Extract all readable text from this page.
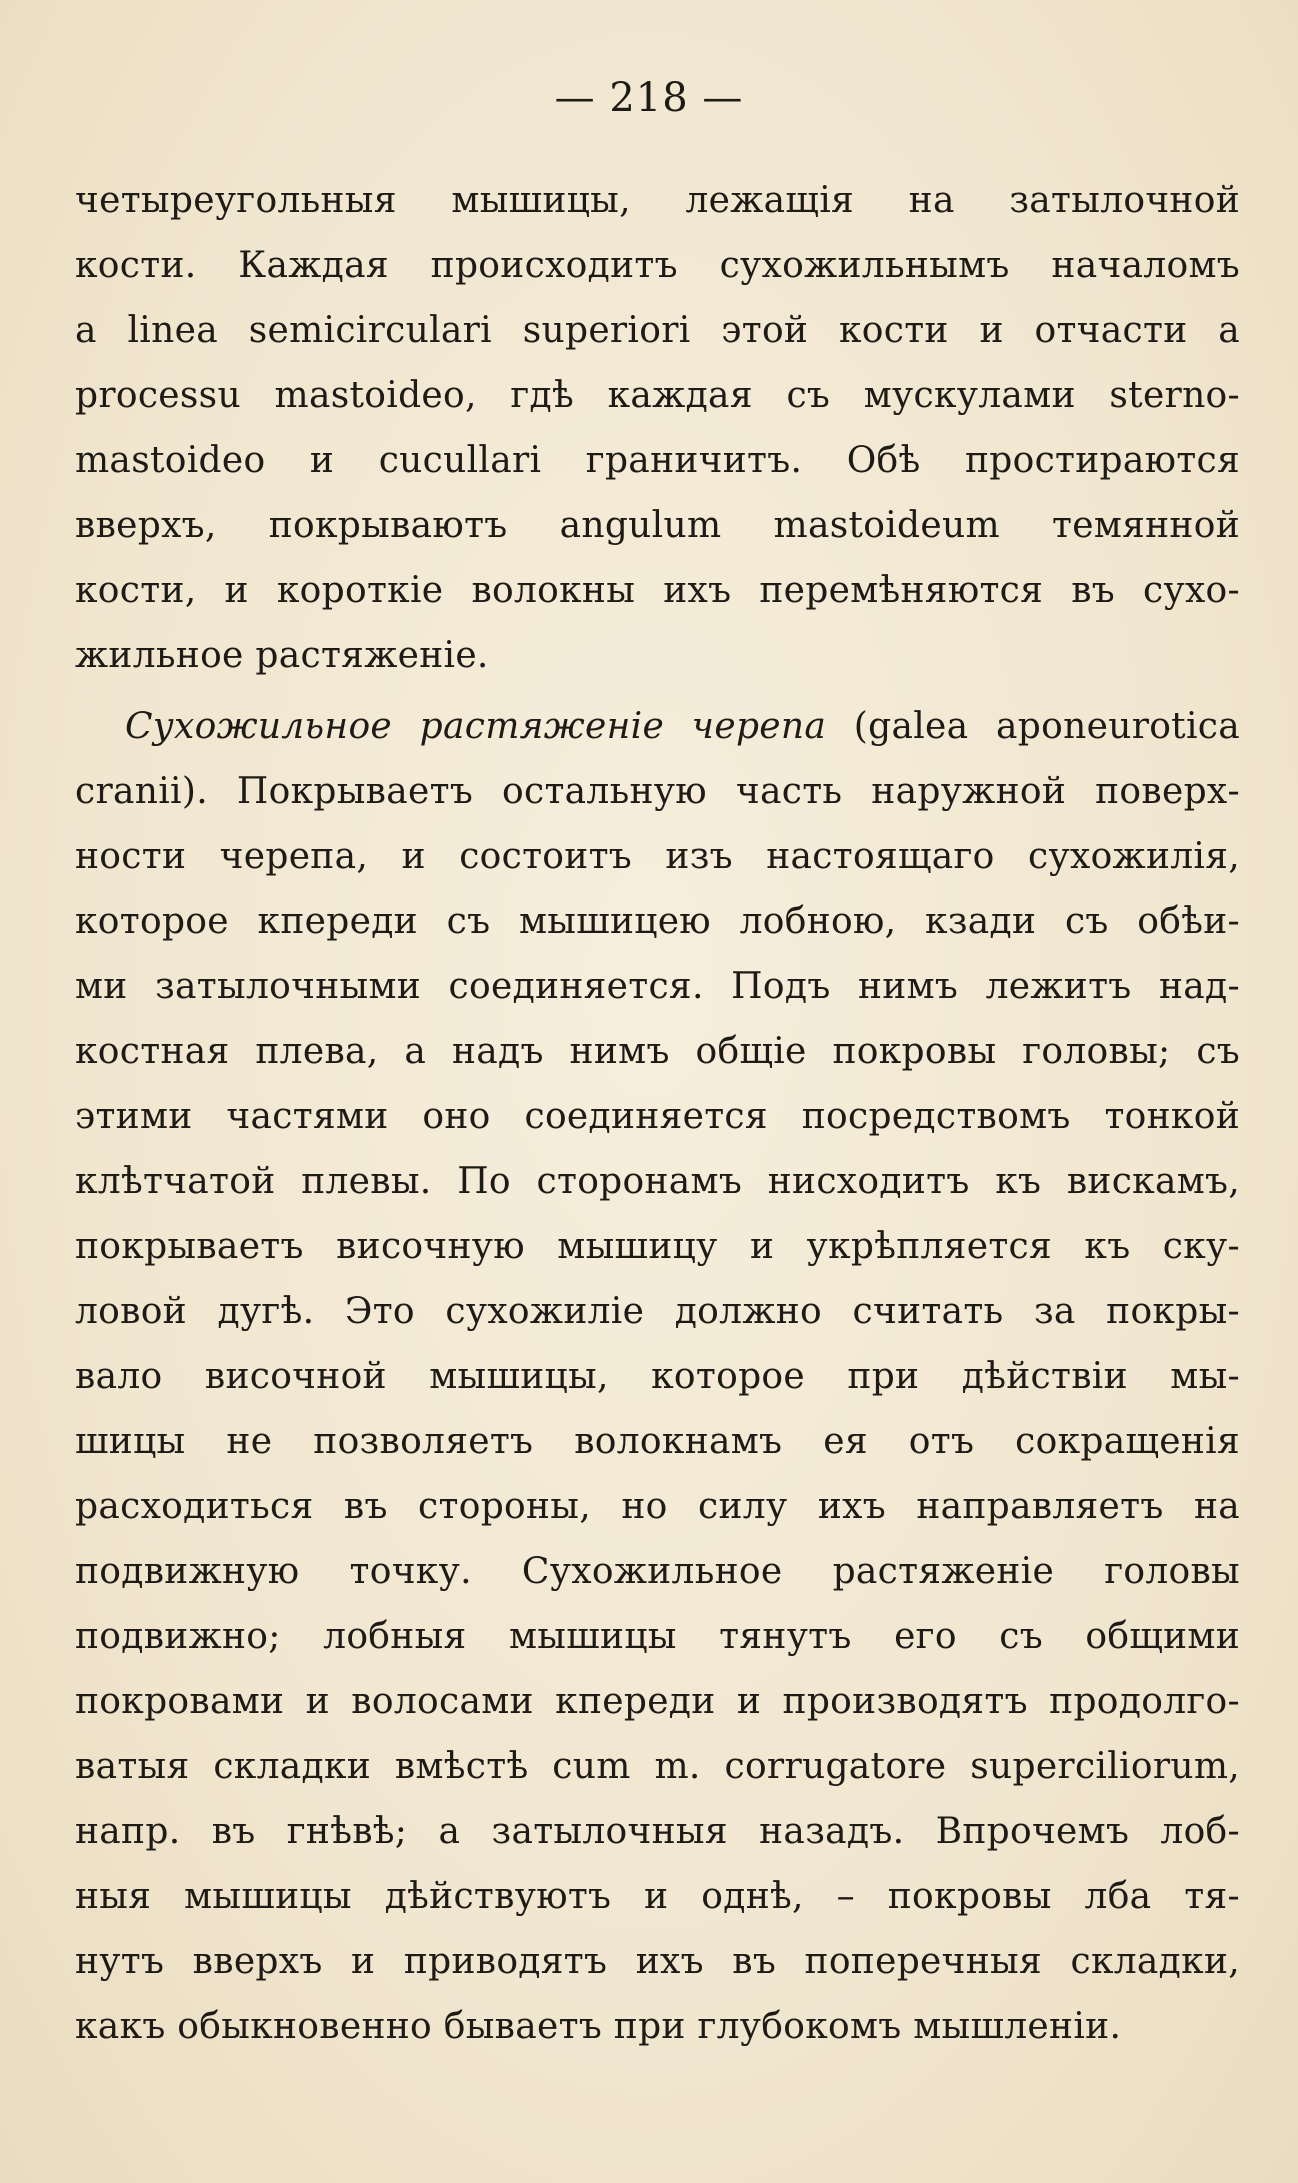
— 218 —
четыреугольныя мышицы, лежащія на затылочной
кости. Каждая происходитъ сухожильнымъ началомъ
a linea semicirculari superiori этой кости и отчасти a
processu mastoideo, гдѣ каждая съ мускулами sterno-
mastoideo и cucullari граничитъ. Обѣ простираются
вверхъ, покрываютъ angulum mastoideum темянной
кости, и короткіе волокны ихъ перемѣняются въ сухо-
жильное растяженіе.
Сухожильное растяженіе черепа (galea aponeurotica
cranii). Покрываетъ остальную часть наружной поверх-
ности черепа, и состоитъ изъ настоящаго сухожилія,
которое кпереди съ мышицею лобною, кзади съ обѣи-
ми затылочными соединяется. Подъ нимъ лежитъ над-
костная плева, а надъ нимъ общіе покровы головы; съ
этими частями оно соединяется посредствомъ тонкой
клѣтчатой плевы. По сторонамъ нисходитъ къ вискамъ,
покрываетъ височную мышицу и укрѣпляется къ ску-
ловой дугѣ. Это сухожиліе должно считать за покры-
вало височной мышицы, которое при дѣйствіи мы-
шицы не позволяетъ волокнамъ ея отъ сокращенія
расходиться въ стороны, но силу ихъ направляетъ на
подвижную точку. Сухожильное растяженіе головы
подвижно; лобныя мышицы тянутъ его съ общими
покровами и волосами кпереди и производятъ продолго-
ватыя складки вмѣстѣ cum m. corrugatore superciliorum,
напр. въ гнѣвѣ; а затылочныя назадъ. Впрочемъ лоб-
ныя мышицы дѣйствуютъ и однѣ, – покровы лба тя-
нутъ вверхъ и приводятъ ихъ въ поперечныя складки,
какъ обыкновенно бываетъ при глубокомъ мышленіи.
